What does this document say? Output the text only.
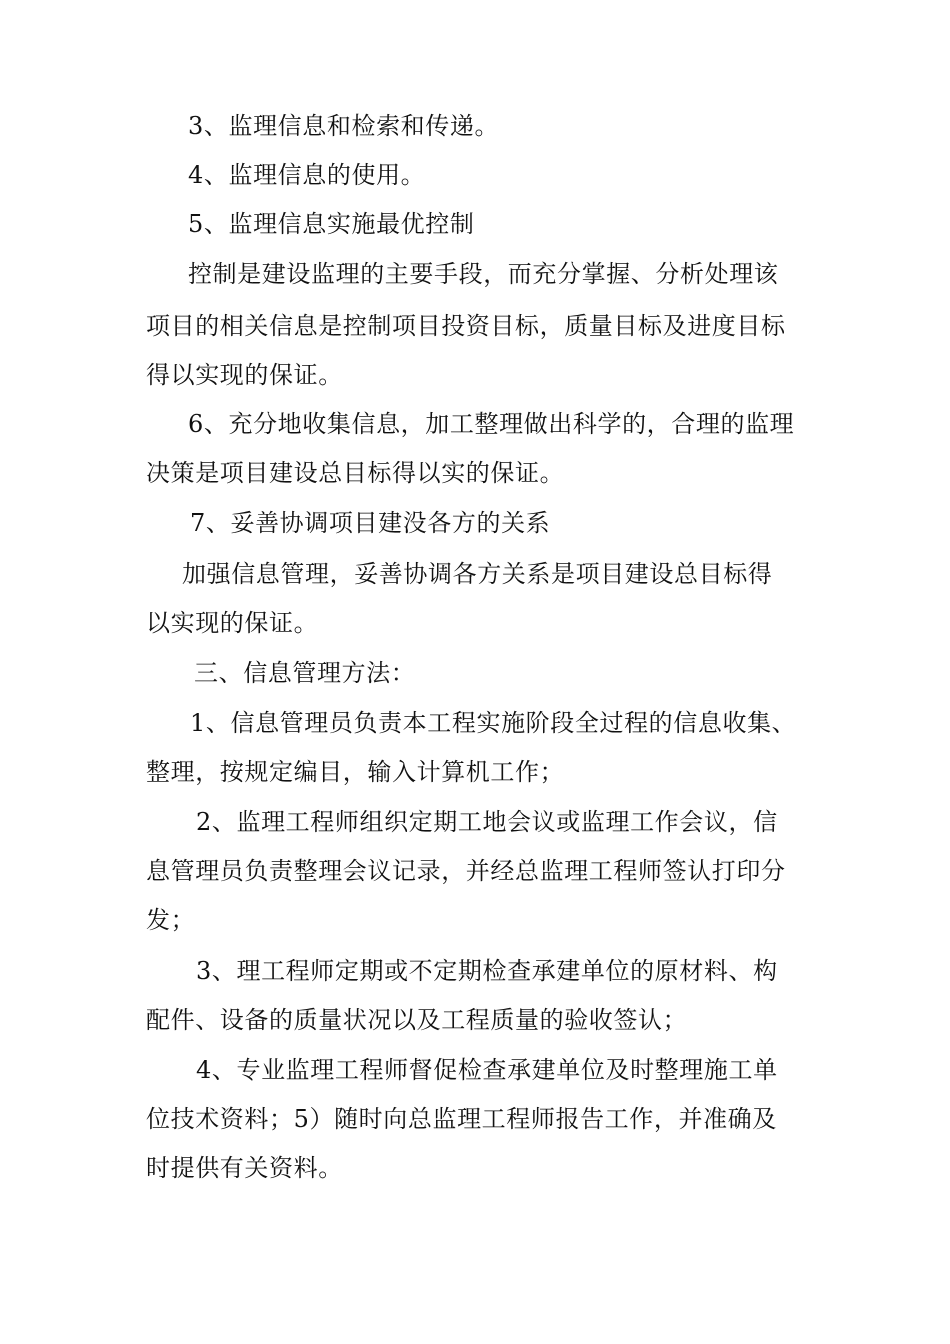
3、监理信息和检索和传递。
4、监理信息的使用。
5、监理信息实施最优控制
控制是建设监理的主要手段，而充分掌握、分析处理该
项目的相关信息是控制项目投资目标，质量目标及进度目标
得以实现的保证。
6、充分地收集信息，加工整理做出科学的，合理的监理
决策是项目建设总目标得以实的保证。
7、妥善协调项目建没各方的关系
加强信息管理，妥善协调各方关系是项目建设总目标得
以实现的保证。
三、信息管理方法：
1、信息管理员负责本工程实施阶段全过程的信息收集、
整理，按规定编目，输入计算机工作；
2、监理工程师组织定期工地会议或监理工作会议，信
息管理员负责整理会议记录，并经总监理工程师签认打印分
发；
3、理工程师定期或不定期检查承建单位的原材料、构
配件、设备的质量状况以及工程质量的验收签认；
4、专业监理工程师督促检查承建单位及时整理施工单
位技术资料；5）随时向总监理工程师报告工作，并准确及
时提供有关资料。
